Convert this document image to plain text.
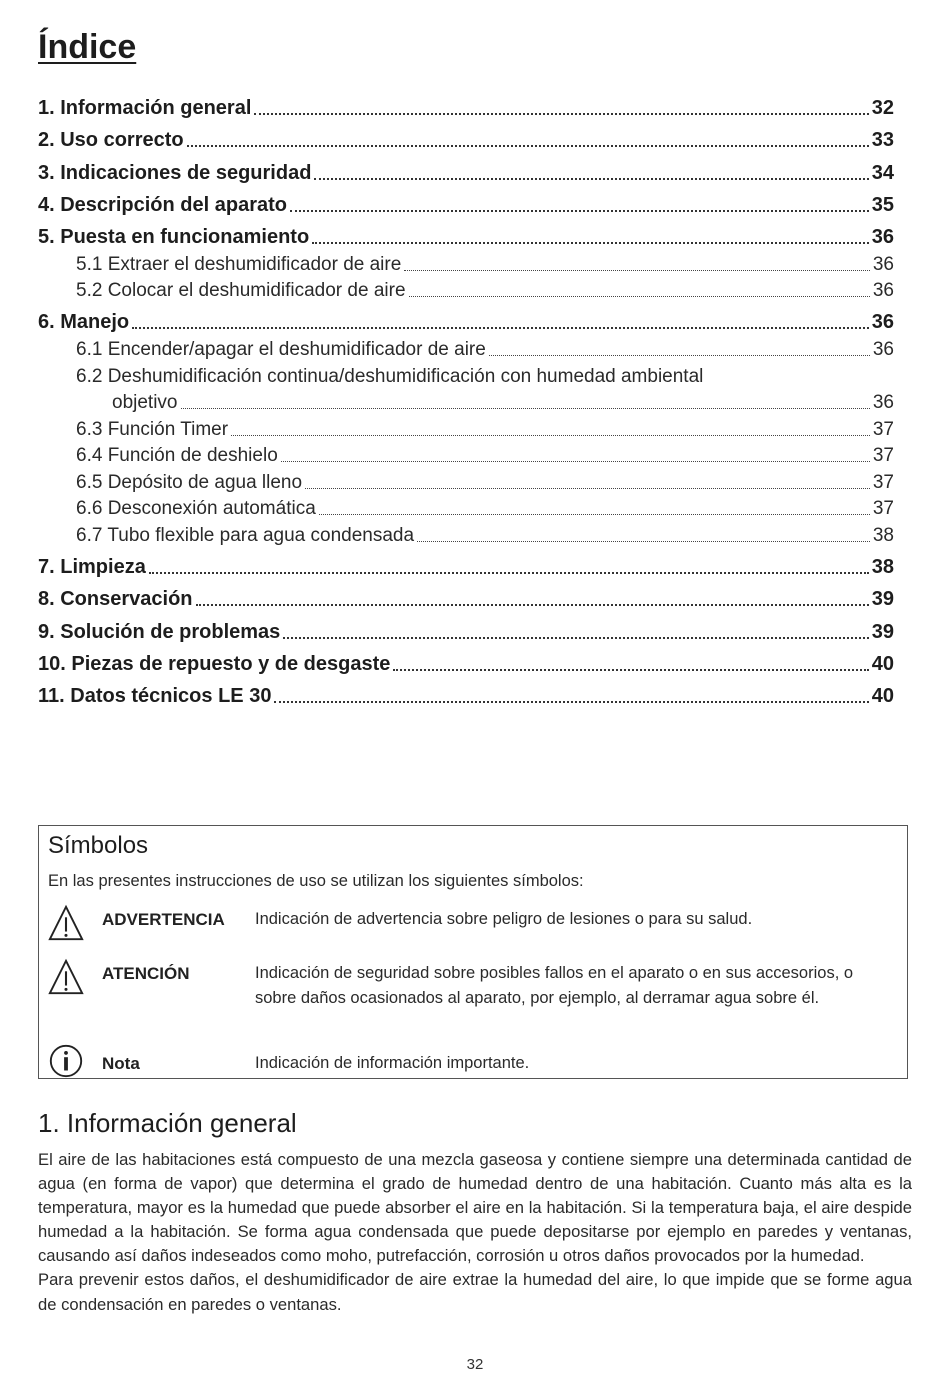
Índice
1. Información general	32
2. Uso correcto	33
3. Indicaciones de seguridad	34
4. Descripción del aparato	35
5. Puesta en funcionamiento	36
5.1 Extraer el deshumidificador de aire	36
5.2 Colocar el deshumidificador de aire	36
6. Manejo	36
6.1 Encender/apagar el deshumidificador de aire	36
6.2 Deshumidificación continua/deshumidificación con humedad ambiental
objetivo	36
6.3 Función Timer	37
6.4 Función de deshielo	37
6.5 Depósito de agua lleno	37
6.6 Desconexión automática	37
6.7 Tubo flexible para agua condensada	38
7. Limpieza	38
8. Conservación	39
9. Solución de problemas	39
10. Piezas de repuesto y de desgaste	40
11. Datos técnicos LE 30	40
Símbolos
En las presentes instrucciones de uso se utilizan los siguientes símbolos:
ADVERTENCIA Indicación de advertencia sobre peligro de lesiones o para su salud.
ATENCIÓN	Indicación de seguridad sobre posibles fallos en el aparato o en sus accesorios, o sobre daños ocasionados al aparato, por ejemplo, al derramar agua sobre él.
Nota	Indicación de información importante.
1. Información general

El aire de las habitaciones está compuesto de una mezcla gaseosa y contiene siempre una determinada cantidad de agua (en forma de vapor) que determina el grado de humedad dentro de una habitación. Cuanto más alta es la temperatura, mayor es la humedad que puede absorber el aire en la habitación. Si la temperatura baja, el aire despide humedad a la habitación. Se forma agua condensada que puede depositarse por ejemplo en paredes y ventanas, causando así daños indeseados como moho, putrefacción, corrosión u otros daños provocados por la humedad.

Para prevenir estos daños, el deshumidificador de aire extrae la humedad del aire, lo que impide que se forme agua de condensación en paredes o ventanas.

32
